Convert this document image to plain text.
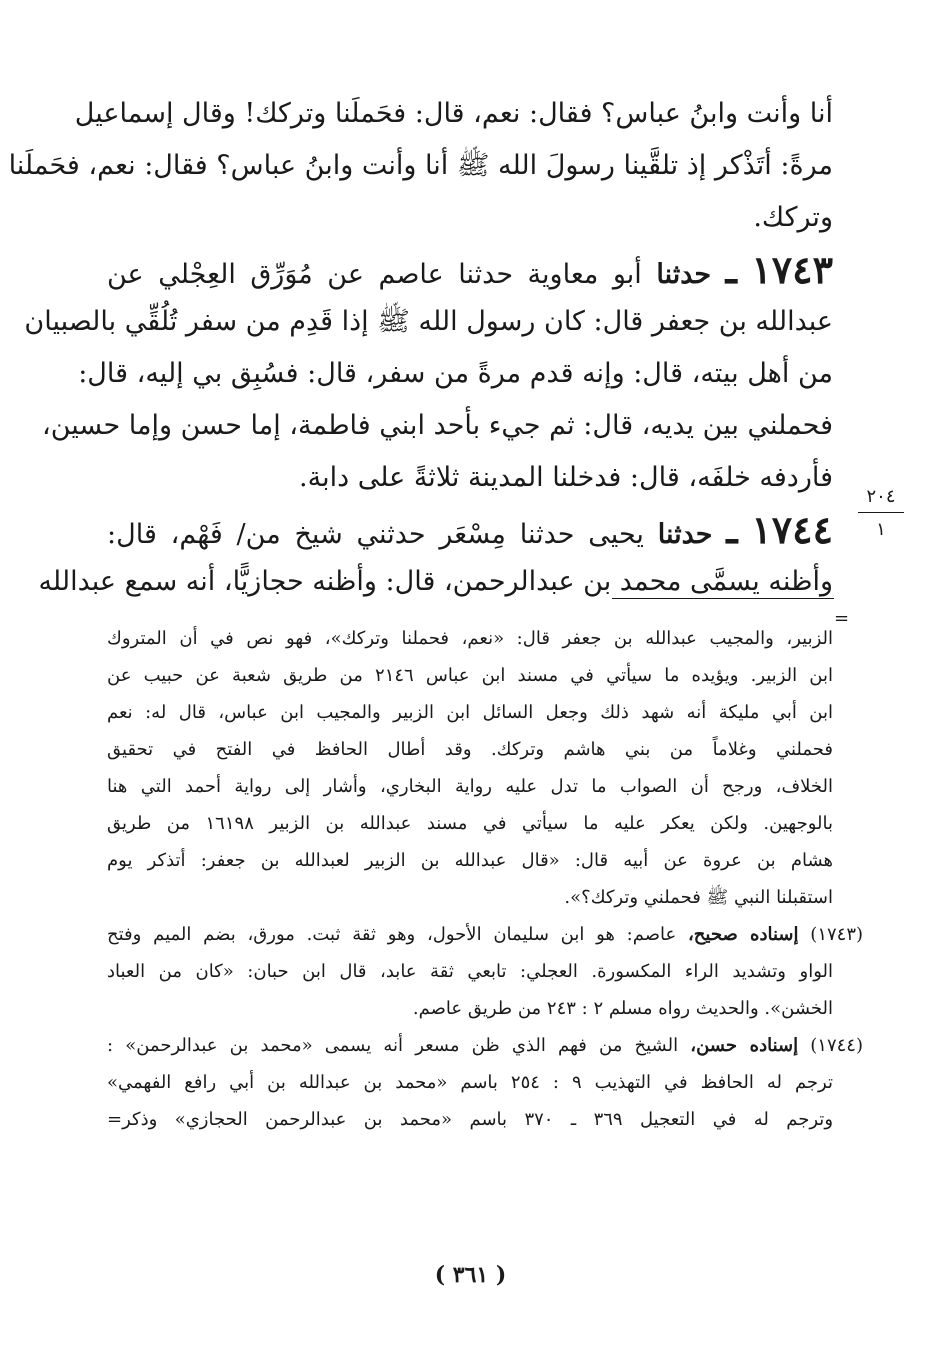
أنا وأنت وابنُ عباس؟ فقال: نعم، قال: فحَملَنا وتركك! وقال إسماعيل
مرةً: أتَذْكر إذ تلقَّينا رسولَ الله ﷺ أنا وأنت وابنُ عباس؟ فقال: نعم، فحَملَنا
وتركك.
١٧٤٣ ـ حدثنا أبو معاوية حدثنا عاصم عن مُوَرِّق العِجْلي عن
عبدالله بن جعفر قال: كان رسول الله ﷺ إذا قَدِم من سفر تُلُقِّي بالصبيان
من أهل بيته، قال: وإنه قدم مرةً من سفر، قال: فسُبِق بي إليه، قال:
فحملني بين يديه، قال: ثم جيء بأحد ابني فاطمة، إما حسن وإما حسين،
فأردفه خلفَه، قال: فدخلنا المدينة ثلاثةً على دابة.
١٧٤٤ ـ حدثنا يحيى حدثنا مِسْعَر حدثني شيخ من/ فَهْم، قال:
وأظنه يسمَّى محمد بن عبدالرحمن، قال: وأظنه حجازيًّا، أنه سمع عبدالله
٢٠٤
١
=
الزبير، والمجيب عبدالله بن جعفر قال: «نعم، فحملنا وتركك»، فهو نص في أن المتروك
ابن الزبير. ويؤيده ما سيأتي في مسند ابن عباس ٢١٤٦ من طريق شعبة عن حبيب عن
ابن أبي مليكة أنه شهد ذلك وجعل السائل ابن الزبير والمجيب ابن عباس، قال له: نعم
فحملني وغلاماً من بني هاشم وتركك. وقد أطال الحافظ في الفتح في تحقيق
الخلاف، ورجح أن الصواب ما تدل عليه رواية البخاري، وأشار إلى رواية أحمد التي هنا
بالوجهين. ولكن يعكر عليه ما سيأتي في مسند عبدالله بن الزبير ١٦١٩٨ من طريق
هشام بن عروة عن أبيه قال: «قال عبدالله بن الزبير لعبدالله بن جعفر: أتذكر يوم
استقبلنا النبي ﷺ فحملني وتركك؟».
(١٧٤٣) إسناده صحيح، عاصم: هو ابن سليمان الأحول، وهو ثقة ثبت. مورق، بضم الميم وفتح
الواو وتشديد الراء المكسورة. العجلي: تابعي ثقة عابد، قال ابن حبان: «كان من العباد
الخشن». والحديث رواه مسلم ٢ : ٢٤٣ من طريق عاصم.
(١٧٤٤) إسناده حسن، الشيخ من فهم الذي ظن مسعر أنه يسمى «محمد بن عبدالرحمن» :
ترجم له الحافظ في التهذيب ٩ : ٢٥٤ باسم «محمد بن عبدالله بن أبي رافع الفهمي»
وترجم له في التعجيل ٣٦٩ ـ ٣٧٠ باسم «محمد بن عبدالرحمن الحجازي» وذكر=
( ٣٦١ )
